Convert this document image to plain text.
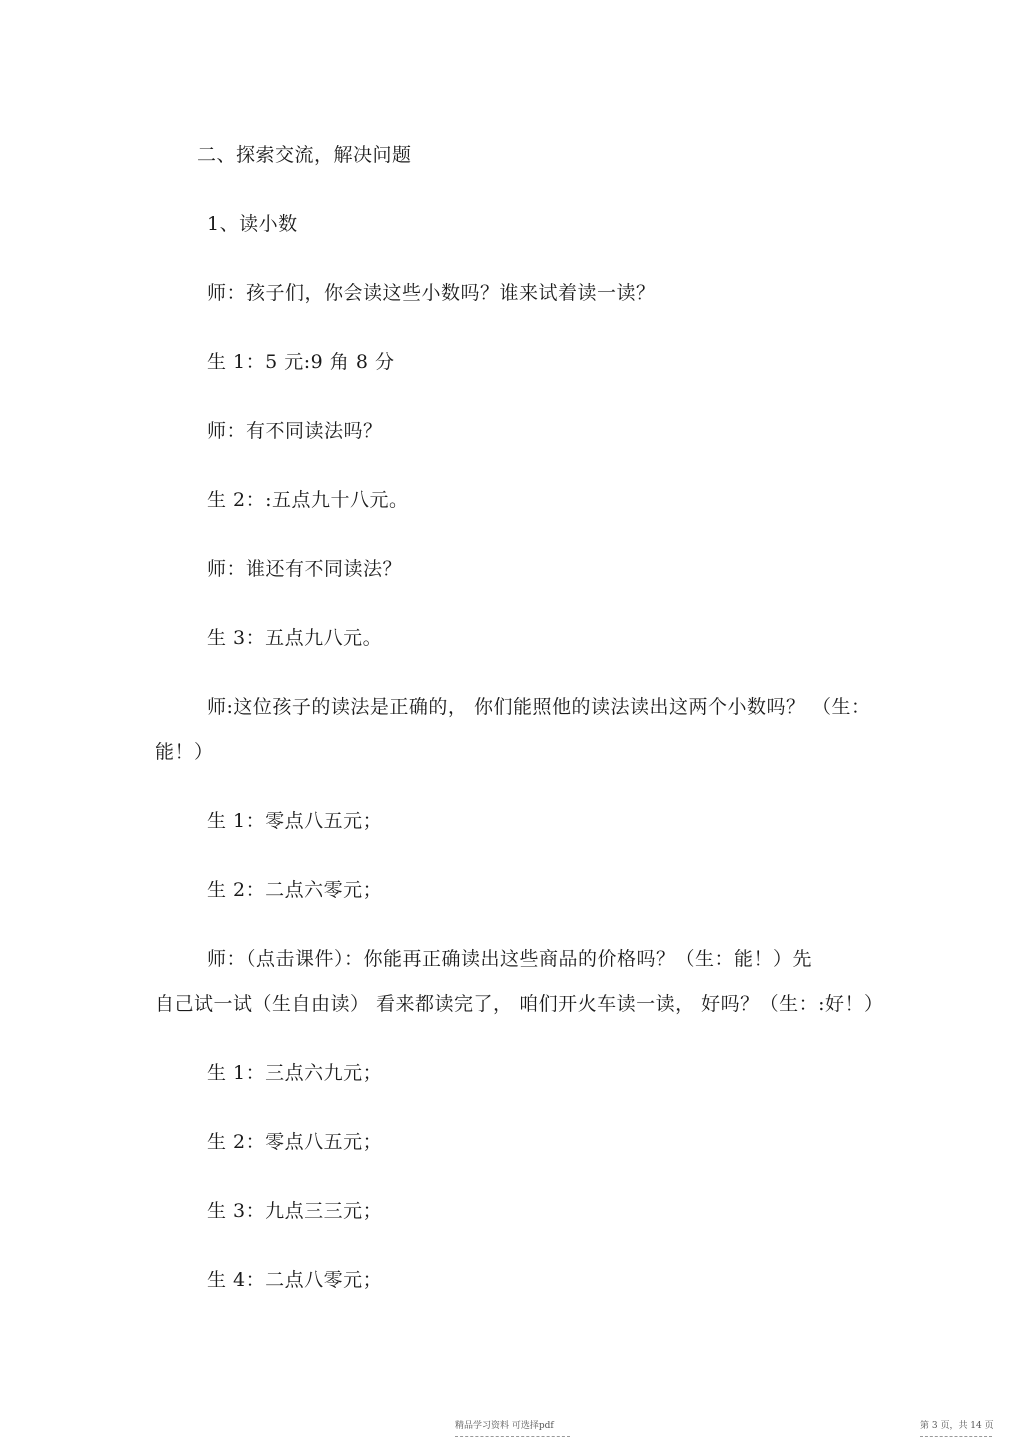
二、探索交流，解决问题
1、读小数
师：孩子们，你会读这些小数吗？谁来试着读一读？
生 1：5 元:9 角 8 分
师：有不同读法吗？
生 2：:五点九十八元。
师：谁还有不同读法？
生 3：五点九八元。
师:这位孩子的读法是正确的， 你们能照他的读法读出这两个小数吗？ （生：
能！）
生 1：零点八五元；
生 2：二点六零元；
师：（点击课件）：你能再正确读出这些商品的价格吗？（生：能！）先
自己试一试（生自由读） 看来都读完了， 咱们开火车读一读， 好吗？（生：:好！）
生 1：三点六九元；
生 2：零点八五元；
生 3：九点三三元；
生 4：二点八零元；
精品学习资料 可选择pdf	第 3 页，共 14 页
